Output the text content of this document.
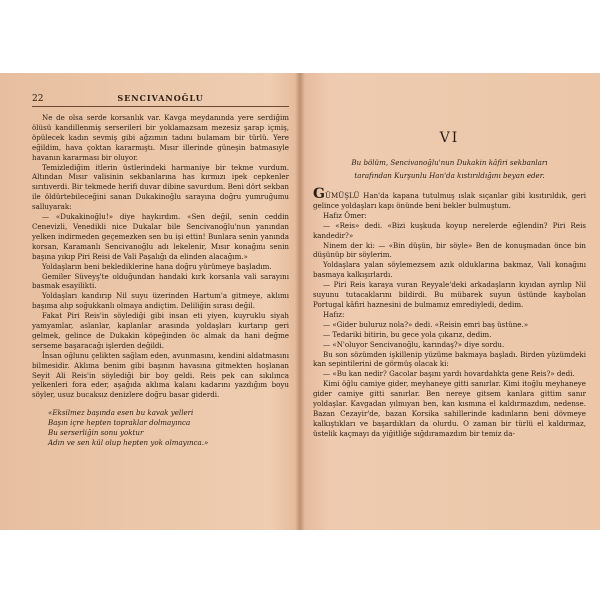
22	SENCIVANOĞLU

Ne de olsa serde korsanlık var. Kavga meydanında yere serdiğim ölüsü kandillenmiş serserileri bir yoklamazsam mezesiz şarap içmiş, öpülecek kadın sevmiş gibi ağzımın tadını bulamam bir türlü. Yere eğildim, hava çoktan kararmıştı. Mısır illerinde güneşin batmasıyle havanın kararması bir oluyor.

Temizlediğim itlerin üstlerindeki harmaniye bir tekme vurdum. Altından Mısır valisinin sekbanlarına has kırmızı ipek cepkenler sırıtıverdi. Bir tekmede herifi duvar dibine savurdum. Beni dört sekban ile öldürtebileceğini sanan Dukakinoğlu sarayına doğru yumruğumu salluyarak:

— «Dukakinoğlu!» diye haykırdım. «Sen değil, senin ceddin Cenevizli, Venedikli nice Dukalar bile Sencivanoğlu'nun yanından yelken indirmeden geçemezken sen bu işi ettin! Bunlara senin yanında korsan, Karamanlı Sencivanoğlu adı lekelenir, Mısır konağını senin başına yıkıp Piri Reisi de Vali Paşalığı da elinden alacağım.»

Yoldaşların beni beklediklerine hana doğru yürümeye başladım.

Gemiler Süveyş'te olduğundan handaki kırk korsanla vali sarayını basmak esayilikti.

Yoldaşları kandırıp Nil suyu üzerinden Hartum'a gitmeye, aklımı başıma alıp soğukkanlı olmaya andiçtim. Deliliğin sırası değil.

Fakat Piri Reis'in söylediği gibi insan eti yiyen, kuyruklu siyah yamyamlar, aslanlar, kaplanlar arasında yoldaşları kurtarıp geri gelmek, gelince de Dukakin köpeğinden öc almak da hani değme serseme başaracağı işlerden değildi.

İnsan oğlunu çelikten sağlam eden, avunmasını, kendini aldatmasını bilmesidir. Aklıma benim gibi başının havasına gitmekten hoşlanan Seyit Ali Reis'in söylediği bir boy geldi. Reis pek can sıkılınca yelkenleri fora eder, aşağıda aklıma kalanı kadarını yazdığım boyu söyler, usuz bucaksız denizlere doğru basar giderdi.

«Eksilmez başında esen bu kavak yelleri
Başın içre hepten topraklar dolmayınca
Bu serserliğin sonu yoktur
Adın ve sen kül olup hepten yok olmayınca.»
VI
Bu bölüm, Sencivanoğlu'nun Dukakin kâfiri sekbanları
tarafından Kurşunlu Han'da kıstırıldığını beyan eder.

GÜMÜŞLÜ Han'da kapana tutulmuş ıslak sıçanlar gibi kısıtırıldık, geri gelince yoldaşları kapı önünde beni bekler bulmuştum.

Hafız Ömer:

— «Reis» dedi. «Bizi kuşkuda koyup nerelerde eğlendin? Piri Reis kandedir?»

Ninem der ki: — «Bin düşün, bir söyle» Ben de konuşmadan önce bin düşünüp bir söylerim.

Yoldaşlara yalan söylemezsem azık olduklarına bakmaz, Vali konağını basmaya kalkışırlardı.

— Piri Reis karaya vuran Reyyale'deki arkadaşların kıyıdan ayrılıp Nil suyunu tutacaklarını bildirdi. Bu mübarek suyun üstünde kaybolan Portugal kâfiri haznesini de bulmamız emrediyledi, dedim.

Hafız:

— «Gider buluruz nola?» dedi. «Reisin emri baş üstüne.»

— Tedariki bitirin, bu gece yola çıkarız, dedim.

— «N'oluyor Sencivanoğlu, karındaş?» diye sordu.

Bu son sözümden işkillenip yüzüme bakmaya başladı. Birden yüzümdeki kan sepintilerini de görmüş olacak ki:

— «Bu kan nedir? Gacolar başını yardı hovardahkta gene Reis?» dedi.

Kimi öğlu camiye gider, meyhaneye gitti sanırlar. Kimi itoğlu meyhaneye gider camiye gitti sanırlar. Ben nereye gitsem kanlara gittim sanır yoldaşlar. Kavgadan yılmıyan ben, kan kısmına el kaldırmazdım, nedense. Bazan Cezayir'de, bazan Korsika sahillerinde kadınların beni dövmeye kalkıştıkları ve başardıkları da olurdu. O zaman bir türlü el kaldırmaz, üstelik kaçmayı da yiğitliğe sığdıramazdım bir temiz da-
